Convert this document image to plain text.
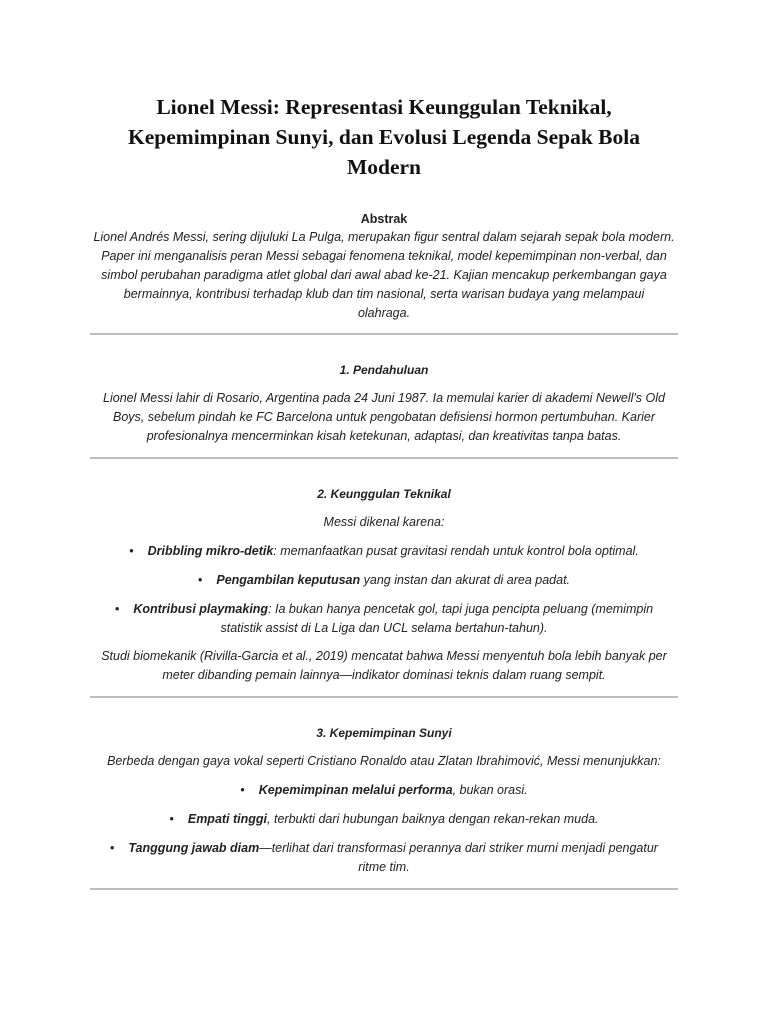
Lionel Messi: Representasi Keunggulan Teknikal,
Kepemimpinan Sunyi, dan Evolusi Legenda Sepak Bola
Modern
Abstrak

Lionel Andrés Messi, sering dijuluki La Pulga, merupakan figur sentral dalam sejarah sepak bola modern.
Paper ini menganalisis peran Messi sebagai fenomena teknikal, model kepemimpinan non-verbal, dan
simbol perubahan paradigma atlet global dari awal abad ke-21. Kajian mencakup perkembangan gaya
bermainnya, kontribusi terhadap klub dan tim nasional, serta warisan budaya yang melampaui
olahraga.

1. Pendahuluan

Lionel Messi lahir di Rosario, Argentina pada 24 Juni 1987. Ia memulai karier di akademi Newell's Old
Boys, sebelum pindah ke FC Barcelona untuk pengobatan defisiensi hormon pertumbuhan. Karier
profesionalnya mencerminkan kisah ketekunan, adaptasi, dan kreativitas tanpa batas.

2. Keunggulan Teknikal

Messi dikenal karena:

• Dribbling mikro-detik: memanfaatkan pusat gravitasi rendah untuk kontrol bola optimal.
• Pengambilan keputusan yang instan dan akurat di area padat.
• Kontribusi playmaking: Ia bukan hanya pencetak gol, tapi juga pencipta peluang (memimpin
statistik assist di La Liga dan UCL selama bertahun-tahun).

Studi biomekanik (Rivilla-Garcia et al., 2019) mencatat bahwa Messi menyentuh bola lebih banyak per
meter dibanding pemain lainnya—indikator dominasi teknis dalam ruang sempit.

3. Kepemimpinan Sunyi

Berbeda dengan gaya vokal seperti Cristiano Ronaldo atau Zlatan Ibrahimović, Messi menunjukkan:

• Kepemimpinan melalui performa, bukan orasi.
• Empati tinggi, terbukti dari hubungan baiknya dengan rekan-rekan muda.
• Tanggung jawab diam—terlihat dari transformasi perannya dari striker murni menjadi pengatur
ritme tim.
